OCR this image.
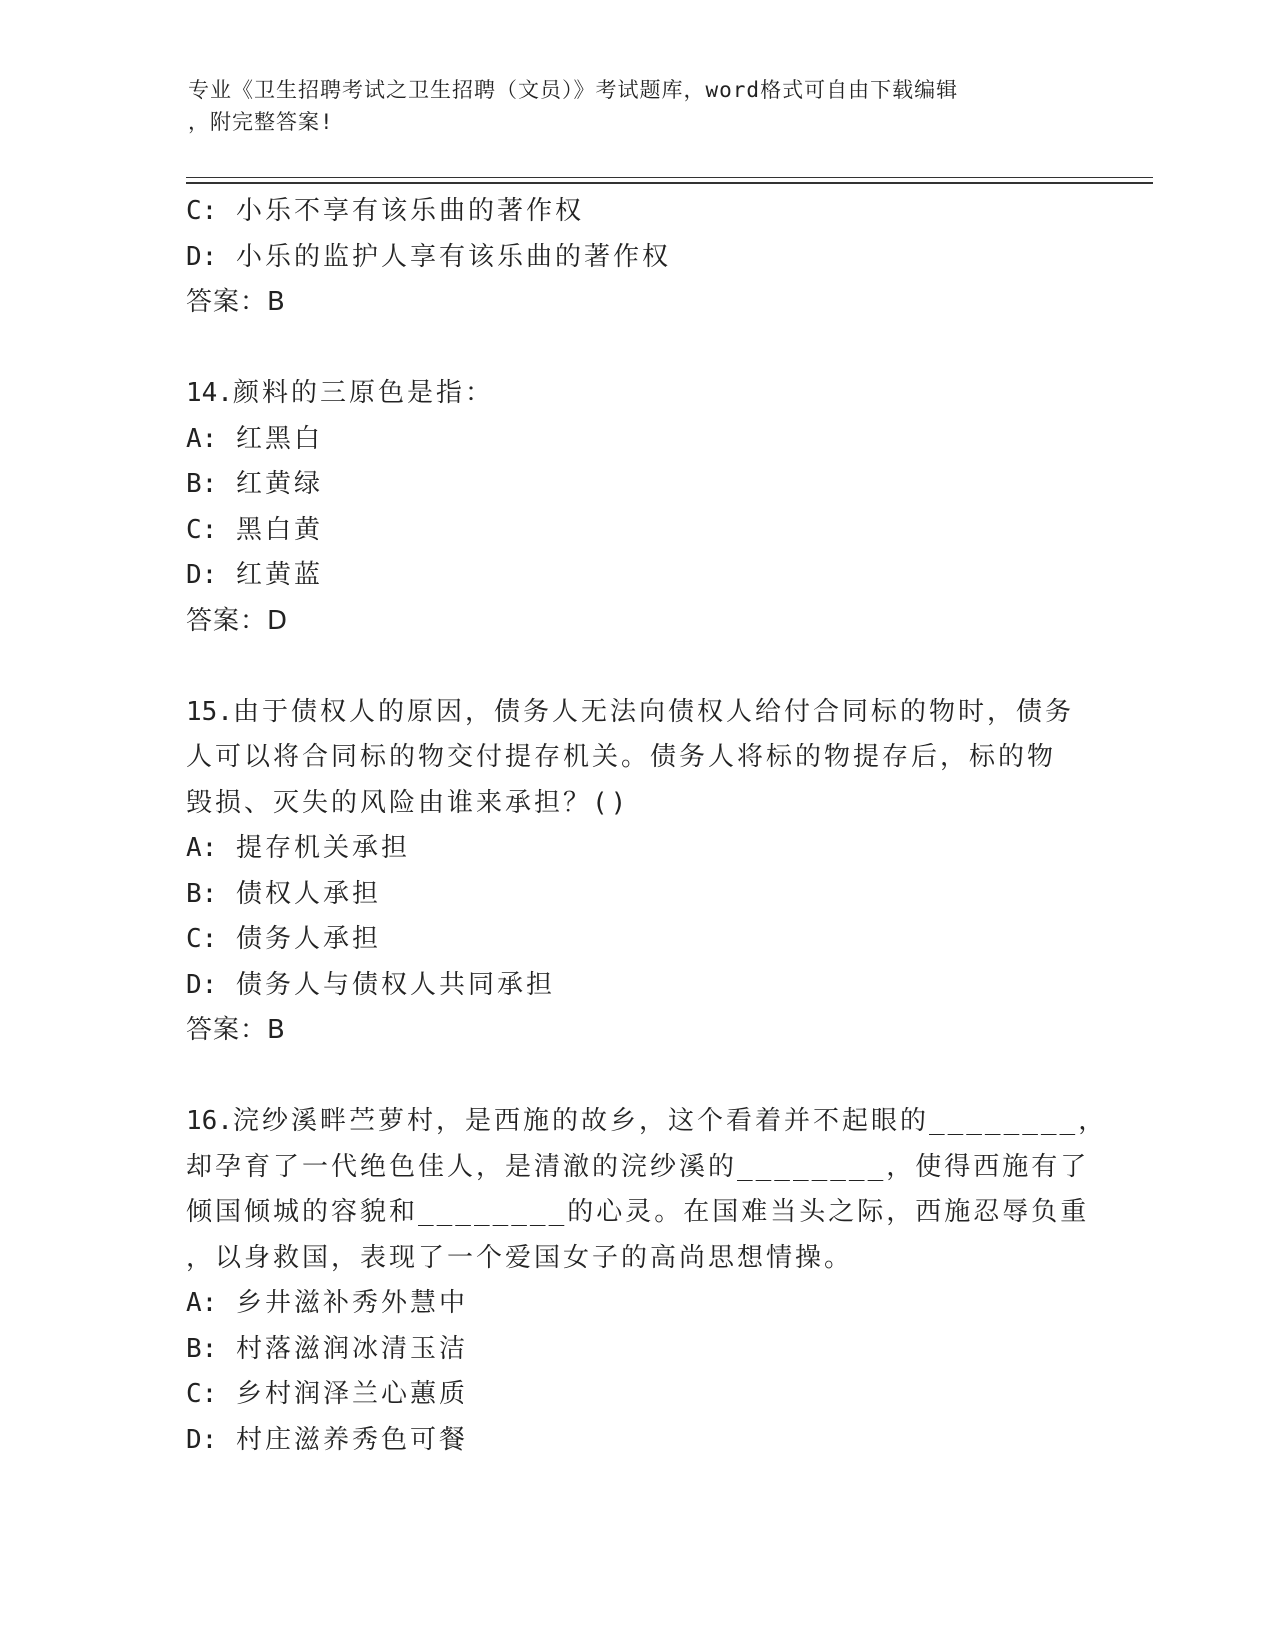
专业《卫生招聘考试之卫生招聘（文员）》考试题库，word格式可自由下载编辑
，附完整答案!
C: 小乐不享有该乐曲的著作权
D: 小乐的监护人享有该乐曲的著作权
答案：B
14.颜料的三原色是指：
A: 红黑白
B: 红黄绿
C: 黑白黄
D: 红黄蓝
答案：D
15.由于债权人的原因，债务人无法向债权人给付合同标的物时，债务
人可以将合同标的物交付提存机关。债务人将标的物提存后，标的物
毁损、灭失的风险由谁来承担？()
A: 提存机关承担
B: 债权人承担
C: 债务人承担
D: 债务人与债权人共同承担
答案：B
16.浣纱溪畔苎萝村，是西施的故乡，这个看着并不起眼的________，
却孕育了一代绝色佳人，是清澈的浣纱溪的________，使得西施有了
倾国倾城的容貌和________的心灵。在国难当头之际，西施忍辱负重
，以身救国，表现了一个爱国女子的高尚思想情操。
A: 乡井滋补秀外慧中
B: 村落滋润冰清玉洁
C: 乡村润泽兰心蕙质
D: 村庄滋养秀色可餐
